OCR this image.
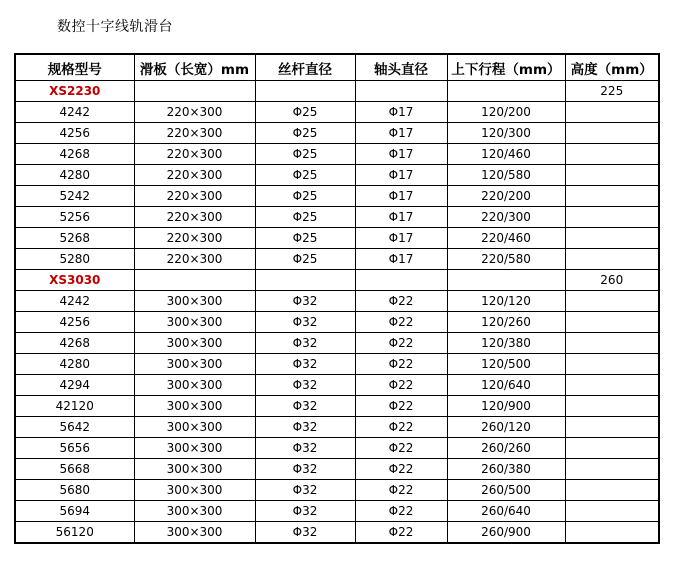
数控十字线轨滑台
规格型号	滑板（长宽）mm	丝杆直径	轴头直径	上下行程（mm）	高度（mm）
XS2230					225
4242	220×300	Φ25	Φ17	120/200	
4256	220×300	Φ25	Φ17	120/300	
4268	220×300	Φ25	Φ17	120/460	
4280	220×300	Φ25	Φ17	120/580	
5242	220×300	Φ25	Φ17	220/200	
5256	220×300	Φ25	Φ17	220/300	
5268	220×300	Φ25	Φ17	220/460	
5280	220×300	Φ25	Φ17	220/580	
XS3030					260
4242	300×300	Φ32	Φ22	120/120	
4256	300×300	Φ32	Φ22	120/260	
4268	300×300	Φ32	Φ22	120/380	
4280	300×300	Φ32	Φ22	120/500	
4294	300×300	Φ32	Φ22	120/640	
42120	300×300	Φ32	Φ22	120/900	
5642	300×300	Φ32	Φ22	260/120	
5656	300×300	Φ32	Φ22	260/260	
5668	300×300	Φ32	Φ22	260/380	
5680	300×300	Φ32	Φ22	260/500	
5694	300×300	Φ32	Φ22	260/640	
56120	300×300	Φ32	Φ22	260/900	
